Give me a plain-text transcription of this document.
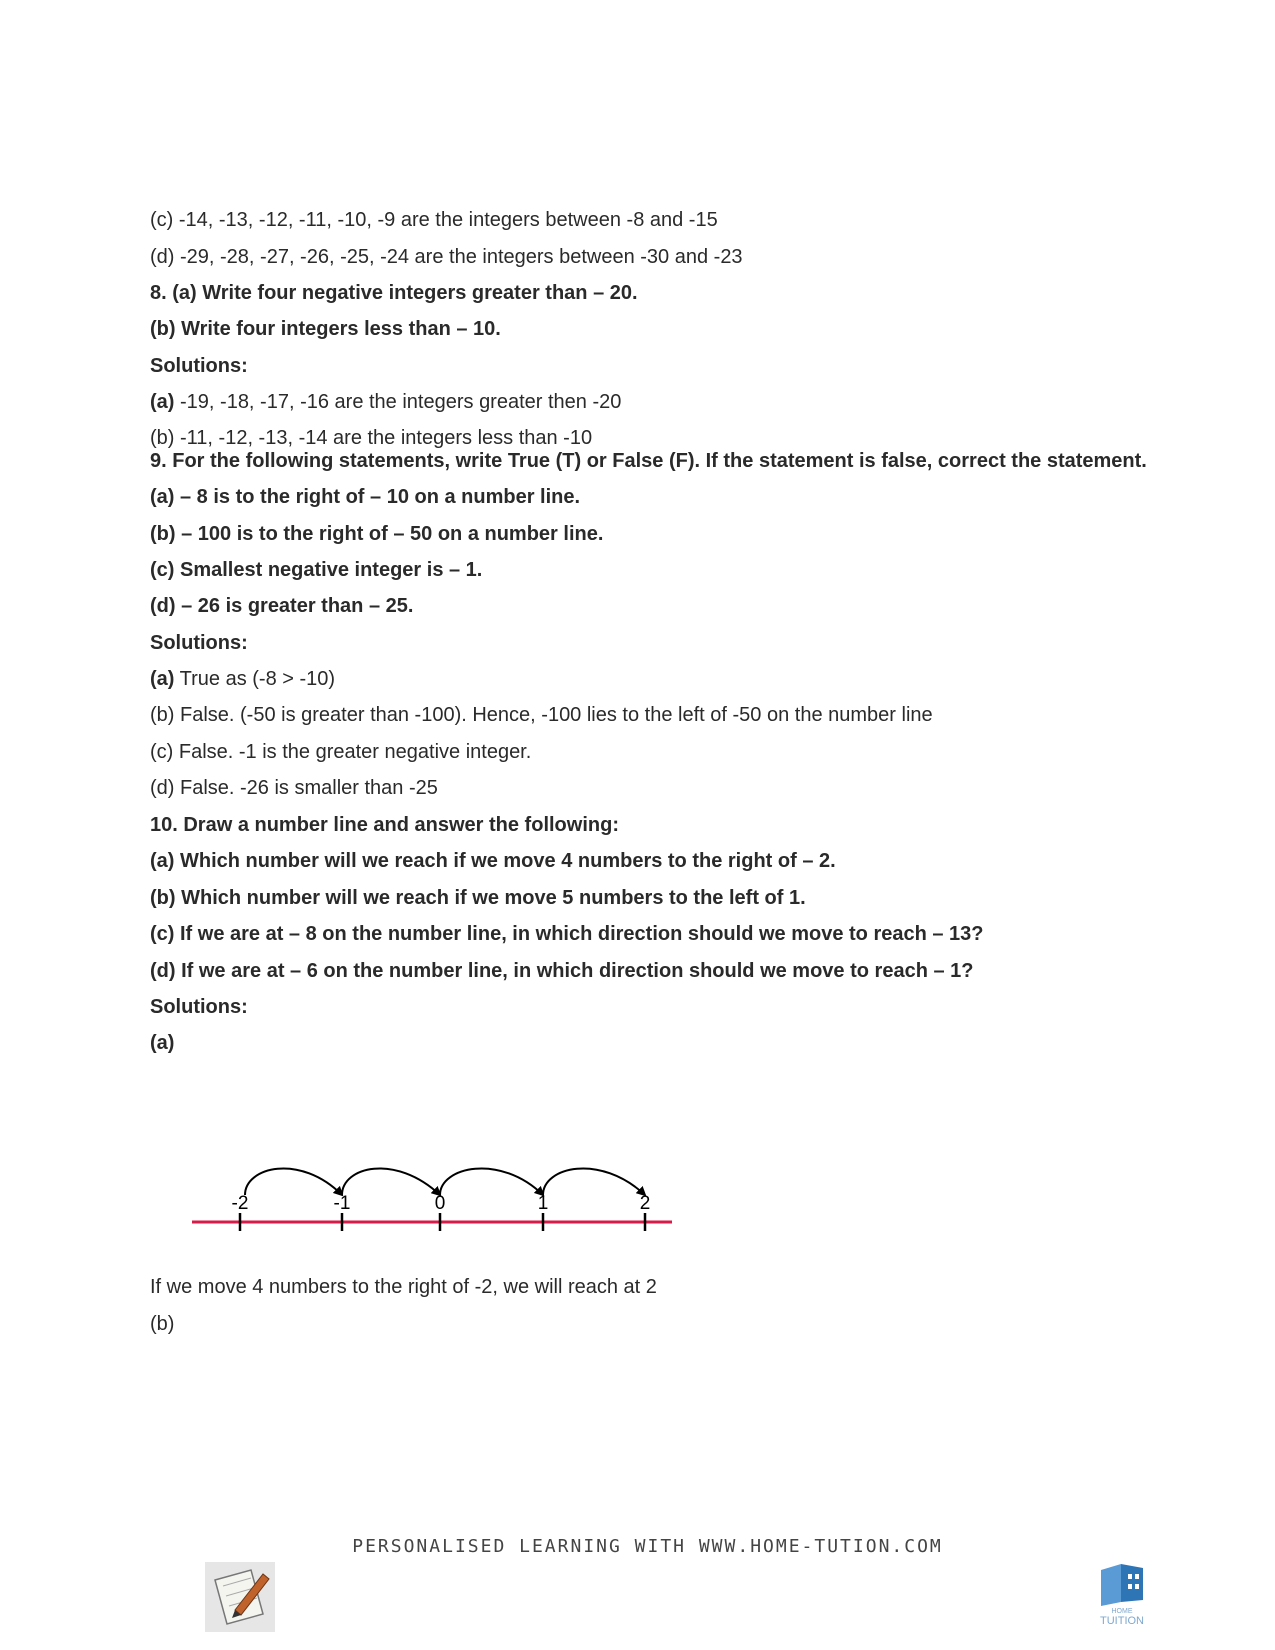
(c) -14, -13, -12, -11, -10, -9 are the integers between -8 and -15
(d) -29, -28, -27, -26, -25, -24 are the integers between -30 and -23
8. (a) Write four negative integers greater than – 20.
(b) Write four integers less than – 10.
Solutions:
(a) -19, -18, -17, -16 are the integers greater then -20
(b) -11, -12, -13, -14 are the integers less than -10
9. For the following statements, write True (T) or False (F). If the statement is false, correct the statement.
(a) – 8 is to the right of – 10 on a number line.
(b) – 100 is to the right of – 50 on a number line.
(c) Smallest negative integer is – 1.
(d) – 26 is greater than – 25.
Solutions:
(a) True as (-8 > -10)
(b) False. (-50 is greater than -100). Hence, -100 lies to the left of -50 on the number line
(c) False. -1 is the greater negative integer.
(d) False. -26 is smaller than -25
10. Draw a number line and answer the following:
(a) Which number will we reach if we move 4 numbers to the right of – 2.
(b) Which number will we reach if we move 5 numbers to the left of 1.
(c) If we are at – 8 on the number line, in which direction should we move to reach – 13?
(d) If we are at – 6 on the number line, in which direction should we move to reach – 1?
Solutions:
(a)
-2	-1	0	1	2
If we move 4 numbers to the right of -2, we will reach at 2
(b)
PERSONALISED LEARNING WITH WWW.HOME-TUTION.COM
HOME
TUITION
